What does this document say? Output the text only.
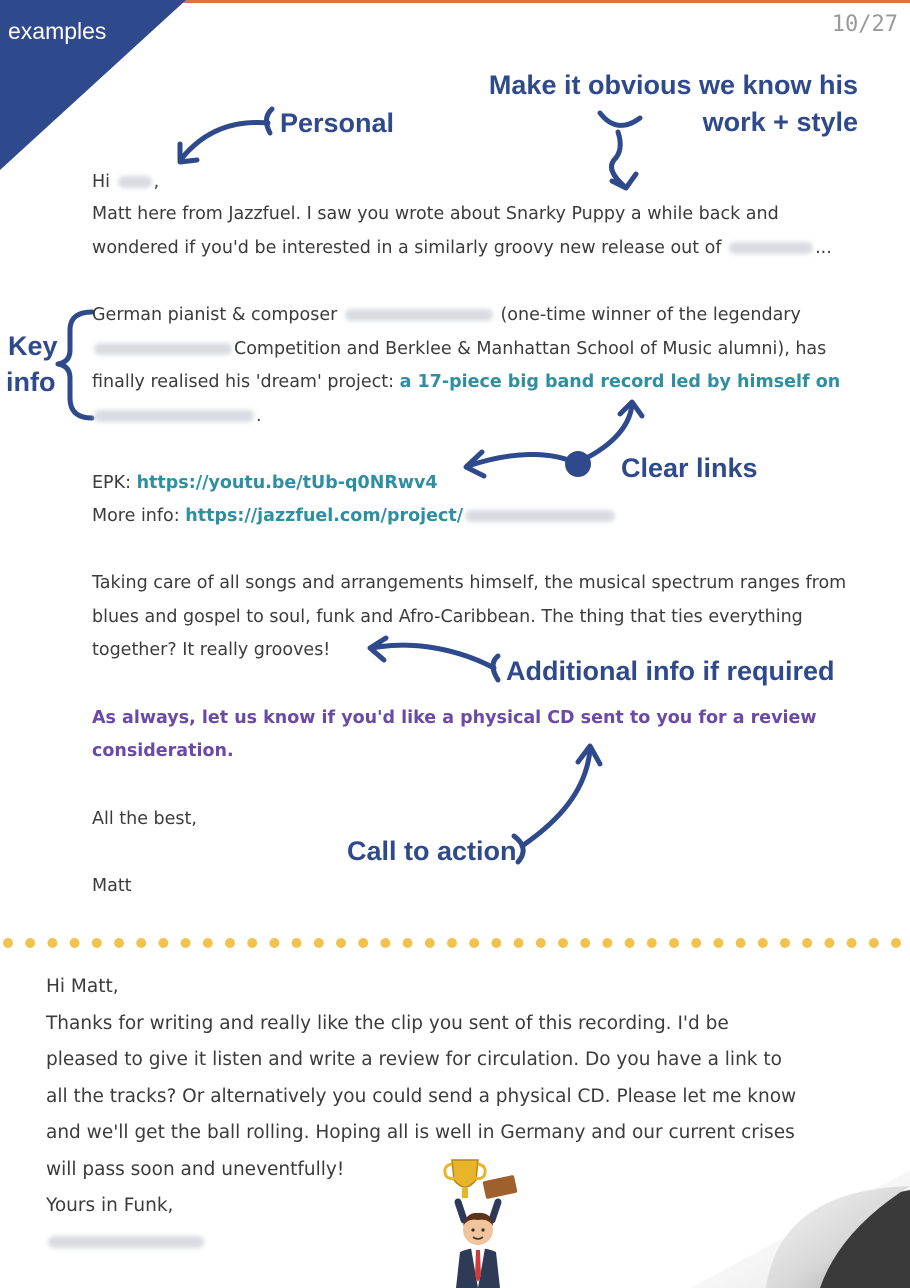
examples	10/27
Personal
Make it obvious we know his
work + style
Key
info
Clear links
Additional info if required
Call to action
Hi ,
Matt here from Jazzfuel. I saw you wrote about Snarky Puppy a while back and
wondered if you'd be interested in a similarly groovy new release out of	...
German pianist & composer	(one-time winner of the legendary
Competition and Berklee & Manhattan School of Music alumni), has
finally realised his 'dream' project: a 17-piece big band record led by himself on
.
EPK: https://youtu.be/tUb-q0NRwv4
More info: https://jazzfuel.com/project/
Taking care of all songs and arrangements himself, the musical spectrum ranges from
blues and gospel to soul, funk and Afro-Caribbean. The thing that ties everything
together? It really grooves!
As always, let us know if you'd like a physical CD sent to you for a review
consideration.
All the best,
Matt
Hi Matt,
Thanks for writing and really like the clip you sent of this recording. I'd be
pleased to give it listen and write a review for circulation. Do you have a link to
all the tracks? Or alternatively you could send a physical CD. Please let me know
and we'll get the ball rolling. Hoping all is well in Germany and our current crises
will pass soon and uneventfully!
Yours in Funk,
